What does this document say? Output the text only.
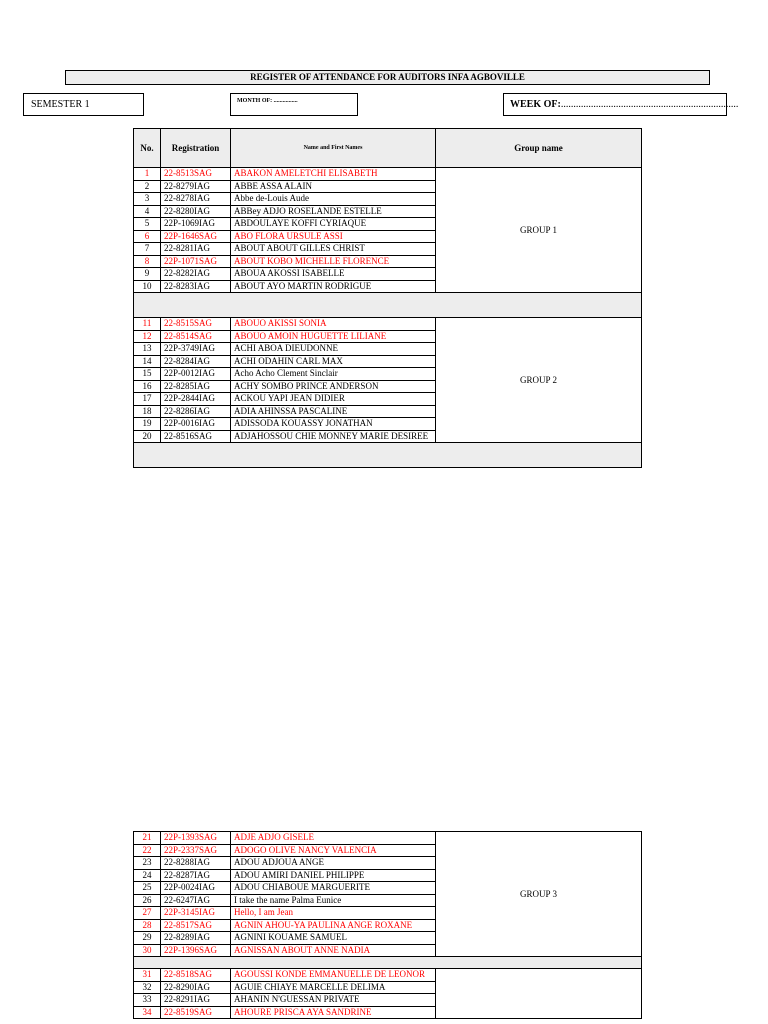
REGISTER OF ATTENDANCE FOR AUDITORS INFA AGBOVILLE
SEMESTER 1	MONTH OF: ................	WEEK OF:.......................................................................
No.	Registration	Name and First Names	Group name
1	22-8513SAG	ABAKON AMELETCHI ELISABETH	GROUP 1
2	22-8279IAG	ABBE ASSA ALAIN	
3	22-8278IAG	Abbe de-Louis Aude	
4	22-8280IAG	ABBey ADJO ROSELANDE ESTELLE	
5	22P-1069IAG	ABDOULAYE KOFFI CYRIAQUE	
6	22P-1646SAG	ABO FLORA URSULE ASSI	
7	22-8281IAG	ABOUT ABOUT GILLES CHRIST	
8	22P-1071SAG	ABOUT KOBO MICHELLE FLORENCE	
9	22-8282IAG	ABOUA AKOSSI ISABELLE	
10	22-8283IAG	ABOUT AYO MARTIN RODRIGUE	

11	22-8515SAG	ABOUO AKISSI SONIA	GROUP 2
12	22-8514SAG	ABOUO AMOIN HUGUETTE LILIANE	
13	22P-3749IAG	ACHI ABOA DIEUDONNE	
14	22-8284IAG	ACHI ODAHIN CARL MAX	
15	22P-0012IAG	Acho Acho Clement Sinclair	
16	22-8285IAG	ACHY SOMBO PRINCE ANDERSON	
17	22P-2844IAG	ACKOU YAPI JEAN DIDIER	
18	22-8286IAG	ADIA AHINSSA PASCALINE	
19	22P-0016IAG	ADISSODA KOUASSY JONATHAN	
20	22-8516SAG	ADJAHOSSOU CHIE MONNEY MARIE DESIREE	

21	22P-1393SAG	ADJE ADJO GISELE	GROUP 3
22	22P-2337SAG	ADOGO OLIVE NANCY VALENCIA	
23	22-8288IAG	ADOU ADJOUA ANGE	
24	22-8287IAG	ADOU AMIRI DANIEL PHILIPPE	
25	22P-0024IAG	ADOU CHIABOUE MARGUERITE	
26	22-6247IAG	I take the name Palma Eunice	
27	22P-3145IAG	Hello, I am Jean	
28	22-8517SAG	AGNIN AHOU-YA PAULINA ANGE ROXANE	
29	22-8289IAG	AGNINI KOUAME SAMUEL	
30	22P-1396SAG	AGNISSAN ABOUT ANNE NADIA	

31	22-8518SAG	AGOUSSI KONDE EMMANUELLE DE LEONOR	
32	22-8290IAG	AGUIE CHIAYE MARCELLE DELIMA	
33	22-8291IAG	AHANIN N'GUESSAN PRIVATE	
34	22-8519SAG	AHOURE PRISCA AYA SANDRINE	
